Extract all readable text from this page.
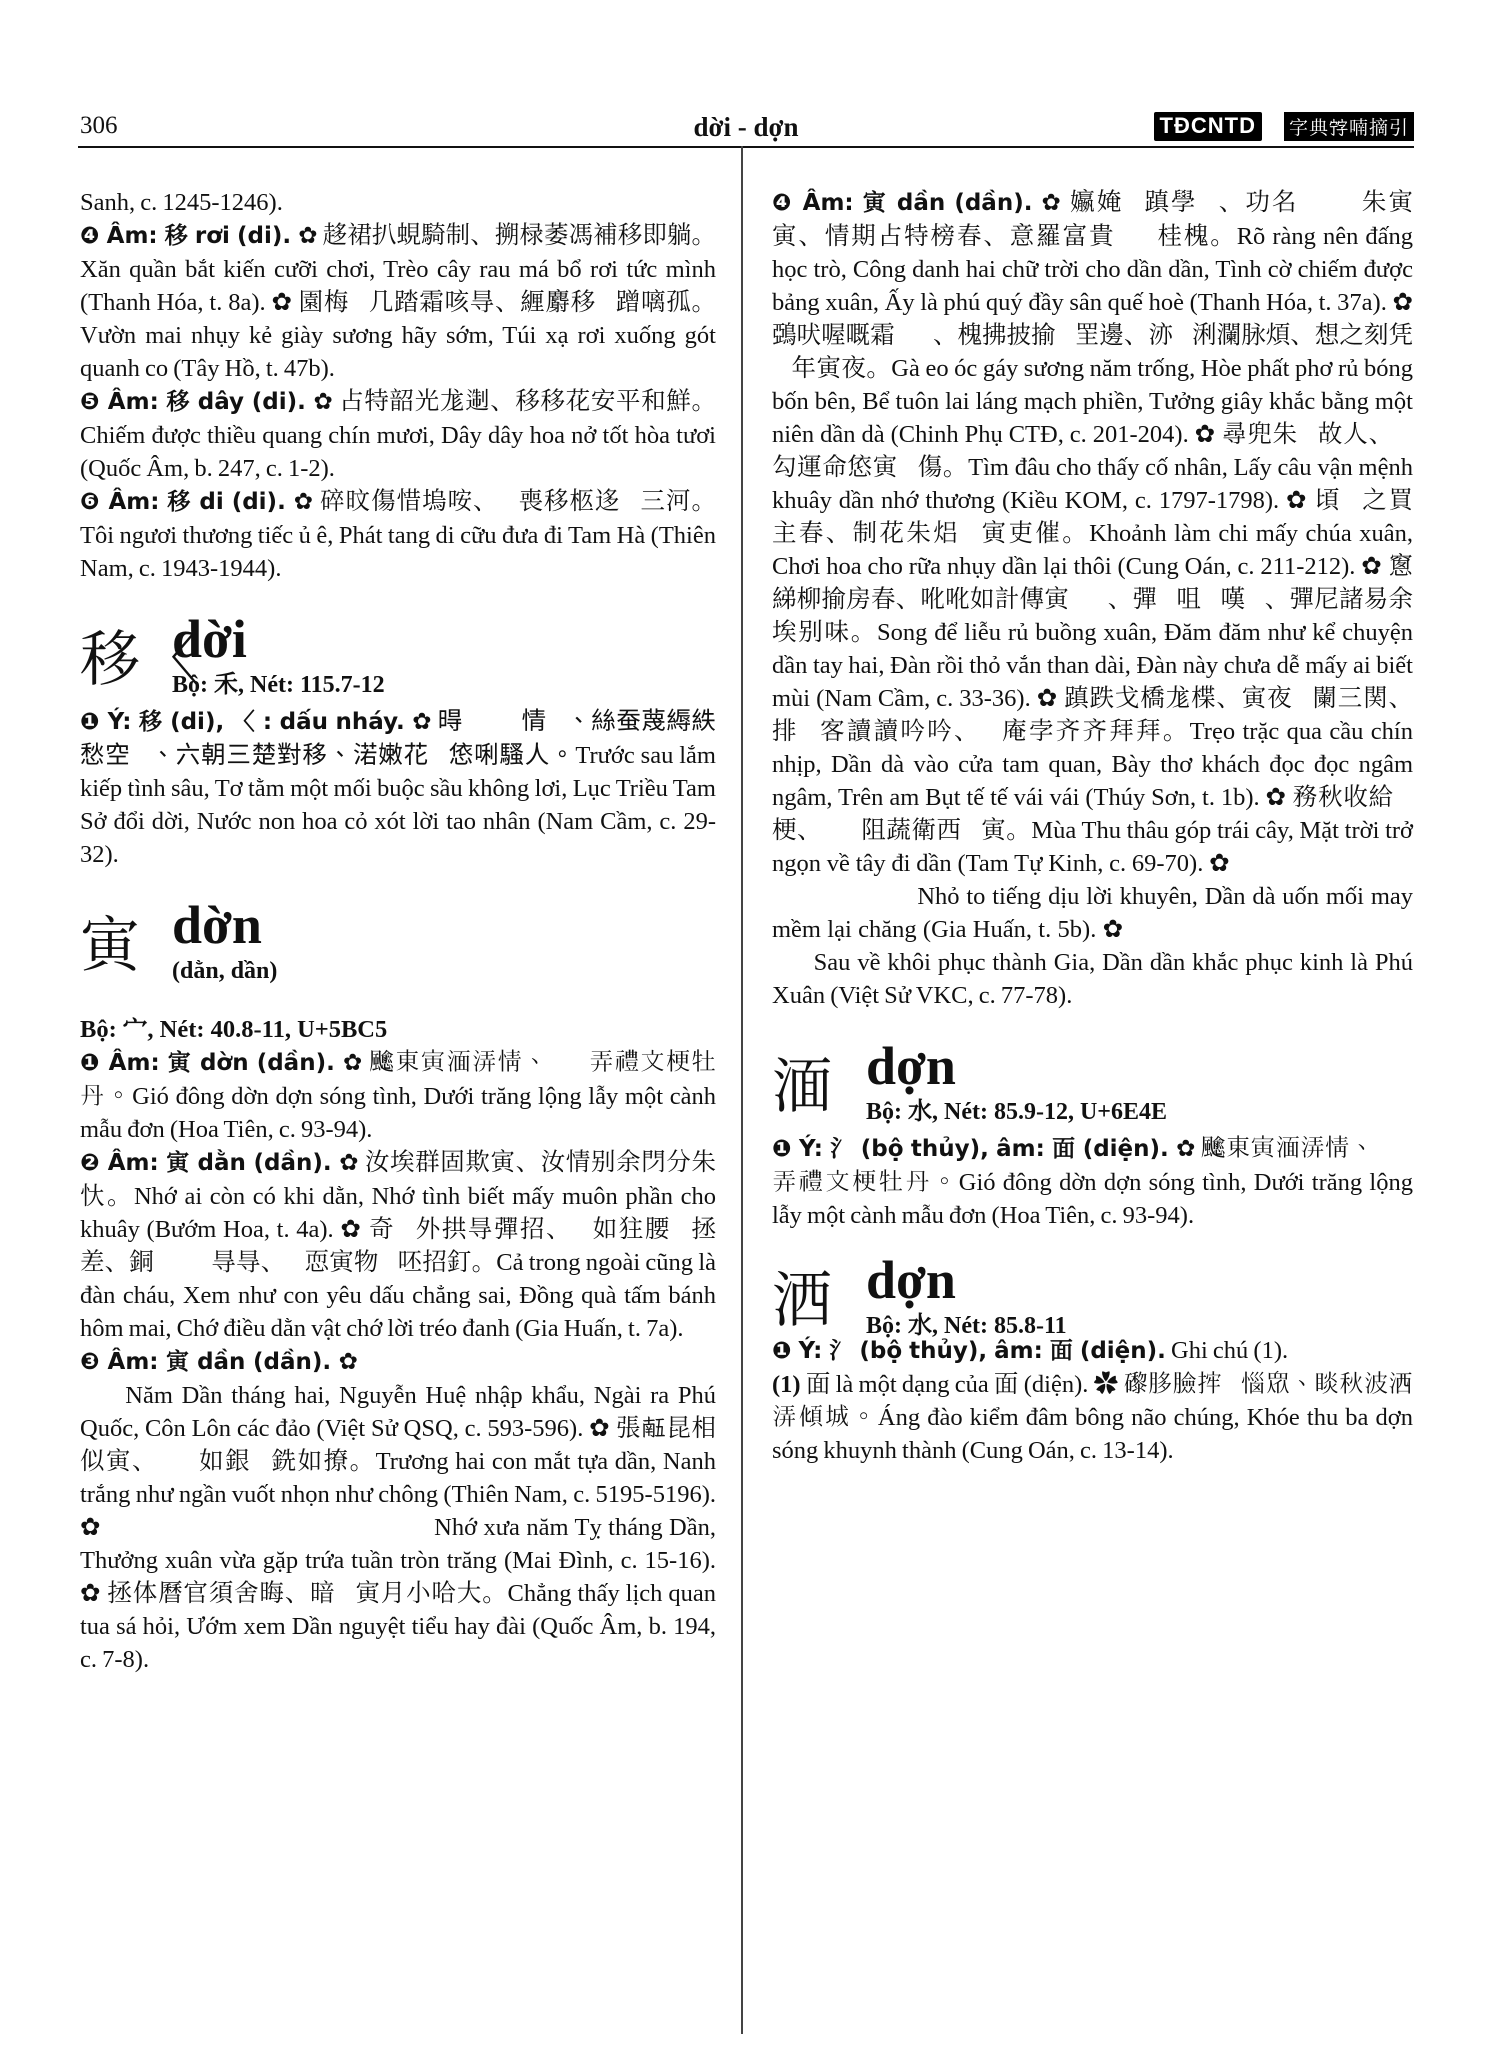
306	dời - dợn	TĐCNTD	字典𡨸喃摘引

Sanh, c. 1245-1246).

❹ Âm: 移 rơi (di). ✿ 趍裙扒蜆騎制、搠椂萎馮補移即躺。Xăn quần bắt kiến cưỡi chơi, Trèo cây rau má bổ rơi tức mình (Thanh Hóa, t. 8a). ✿ 園梅𦬶几踏霜咳㝵、緾麝移𨃐蹭𠻗孤。Vườn mai nhụy kẻ giày sương hãy sớm, Túi xạ rơi xuống gót quanh co (Tây Hồ, t. 47b).

❺ Âm: 移 dây (di). ✿ 占特韶光尨𨔈、移移花安平和鮮。Chiếm được thiều quang chín mươi, Dây dây hoa nở tốt hòa tươi (Quốc Âm, b. 247, c. 1-2).

❻ Âm: 移 di (di). ✿ 碎旼傷惜塢咹、𦀊喪移柩迻𣴓三河。Tôi ngươi thương tiếc ủ ê, Phát tang di cữu đưa đi Tam Hà (Thiên Nam, c. 1943-1944).

移〈
dời
Bộ: 禾, Nét: 115.7-12

❶ Ý: 移 (di), 〈 : dấu nháy. ✿ 𣈜𣈖𧿆𠸗情𣳮、絲蚕蔑縟紩愁空𦀊、六朝三楚對移、渃嫩花𦹵㥋唎騷人。Trước sau lắm kiếp tình sâu, Tơ tằm một mối buộc sầu không lơi, Lục Triều Tam Sở đổi dời, Nước non hoa cỏ xót lời tao nhân (Nam Cầm, c. 29-32).

寅 dờn
(dằn, dần)

Bộ: 宀, Nét: 40.8-11, U+5BC5

❶ Âm: 寅 dờn (dần). ✿ 𩙍東寅湎㳥情、𠓨𦝄弄禮文梗牡丹。Gió đông dờn dợn sóng tình, Dưới trăng lộng lẫy một cành mẫu đơn (Hoa Tiên, c. 93-94).

❷ Âm: 寅 dằn (dần). ✿ 汝埃群固欺寅、汝情别余閁分朱忕。Nhớ ai còn có khi dằn, Nhớ tình biết mấy muôn phần cho khuây (Bướm Hoa, t. 4a). ✿ 奇𨖲外拱㝵彈招、𡗶如㹥腰𣈖拯差、銅𩜀𦘺𥸷㝵㝵、𦺓恧寅物𦺓呸招釘。Cả trong ngoài cũng là đàn cháu, Xem như con yêu dấu chẳng sai, Đồng quà tấm bánh hôm mai, Chớ điều dằn vật chớ lời tréo đanh (Gia Huấn, t. 7a).

❸ Âm: 寅 dần (dần). ✿ 𢆥寅𦝄𠄼、阮惠入𨓡、俜𥢆富國、崑崙各島。Năm Dần tháng hai, Nguyễn Huệ nhập khẩu, Ngài ra Phú Quốc, Côn Lôn các đảo (Việt Sử QSQ, c. 593-596). ✿ 張𠄼昆相似寅、𤞺𠁀如銀𤞻銑如撩。Trương hai con mắt tựa dần, Nanh trắng như ngần vuốt nhọn như chông (Thiên Nam, c. 5195-5196). ✿ 𢗼䛊𨋣巳𦝄寅、賞春𣗓扱𢝙旬𨈖𦝄。Nhớ xưa năm Tỵ tháng Dần, Thưởng xuân vừa gặp trứa tuần tròn trăng (Mai Đình, c. 15-16). ✿ 拯体曆官須舍晦、暗𥙩寅月小哈大。Chẳng thấy lịch quan tua sá hỏi, Ướm xem Dần nguyệt tiểu hay đài (Quốc Âm, b. 194, c. 7-8).

❹ Âm: 寅 dần (dần). ✿ 㜲㛪𥪝蹎學𠊚、功名𠄼𡨺𡗶朱寅寅、情期占特榜春、意羅富貴𣵸𡏧桂槐。Rõ ràng nên đấng học trò, Công danh hai chữ trời cho dần dần, Tình cờ chiếm được bảng xuân, Ấy là phú quý đầy sân quế hoè (Thanh Hóa, t. 37a). ✿ 鵶吠喔嘅霜𨕭𧃷、槐拂披揄𩆷罜邊、洂𣳮浰瀾脉煩、想之刻凭𠕎年寅夜。Gà eo óc gáy sương năm trống, Hòe phất phơ rủ bóng bốn bên, Bể tuôn lai láng mạch phiền, Tưởng giây khắc bằng một niên dần dà (Chinh Phụ CTĐ, c. 201-204). ✿ 尋兜朱𧡊故人、𢬣勾運命㥋寅𢗼傷。Tìm đâu cho thấy cố nhân, Lấy câu vận mệnh khuây dần nhớ thương (Kiều KOM, c. 1797-1798). ✿ 頃𡗉之買主春、制花朱焒𦬶寅吏催。Khoảnh làm chi mấy chúa xuân, Chơi hoa cho rữa nhụy dần lại thôi (Cung Oán, c. 211-212). ✿ 窻綈柳揄房春、吪吪如計傳寅𢬣𠄼、彈𥪝咀𥪝嘆𣋾、彈尼諸易余埃别味。Song để liễu rủ buồng xuân, Đăm đăm như kể chuyện dần tay hai, Đàn rồi thỏ vắn than dài, Đàn này chưa dễ mấy ai biết mùi (Nam Cầm, c. 33-36). ✿ 蹎跌戈橋尨楪、寅夜𠓨闌三関、排𠻀客讀讀吟吟、𨕭庵孛齐齐拜拜。Trẹo trặc qua cầu chín nhịp, Dần dà vào cửa tam quan, Bày thơ khách đọc đọc ngâm ngâm, Trên am Bụt tế tế vái vái (Thúy Sơn, t. 1b). ✿ 務秋收給𣘃梗、𩄎𡗶阻蔬衛西𣴓寅。Mùa Thu thâu góp trái cây, Mặt trời trở ngọn về tây đi dần (Tam Tự Kinh, c. 69-70). ✿ 𡮈𡘯哨吵𠯇圈、寅𢬣挽買𥾽𥾽吏庄。Nhỏ to tiếng dịu lời khuyên, Dần dà uốn mối may mềm lại chăng (Gia Huấn, t. 5b). ✿ 𢗼衛恢復城嘉、寅寅克復京羅富春。Sau về khôi phục thành Gia, Dần dần khắc phục kinh là Phú Xuân (Việt Sử VKC, c. 77-78).

湎 dợn
Bộ: 水, Nét: 85.9-12, U+6E4E

❶ Ý: 氵 (bộ thủy), âm: 面 (diện). ✿ 𩙍東寅湎㳥情、𠓨𦝄弄禮文梗牡丹。Gió đông dờn dợn sóng tình, Dưới trăng lộng lẫy một cành mẫu đơn (Hoa Tiên, c. 93-94).

洒 dợn
Bộ: 水, Nét: 85.8-11

❶ Ý: 氵 (bộ thủy), âm: 面 (diện). Ghi chú (1).

(1) 面 là một dạng của 面 (diện). ✿ 𥗍䏧臉𢭂𦼥惱衆、睒秋波洒㳥傾城。Áng đào kiểm đâm bông não chúng, Khóe thu ba dợn sóng khuynh thành (Cung Oán, c. 13-14).
